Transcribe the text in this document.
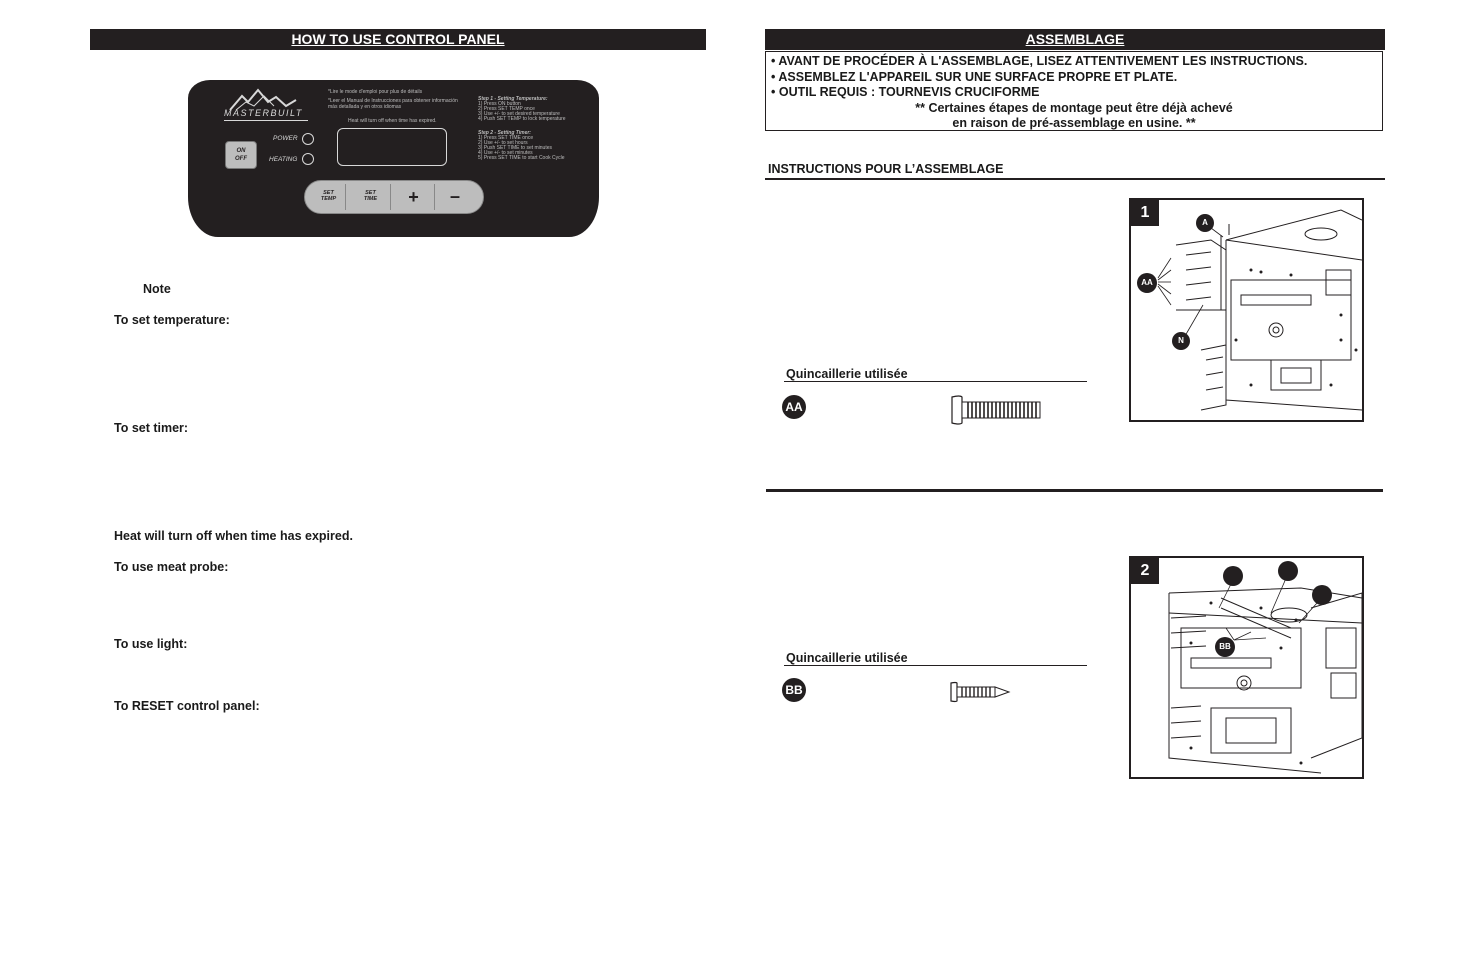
HOW TO USE CONTROL PANEL
MASTERBUILT
*Lire le mode d'emploi pour plus de détails
*Leer el Manual de Instrucciones para obtener información más detallada y en otros idiomas
Heat will turn off when time has expired.
Step 1 - Setting Temperature:
1) Press ON button
2) Press SET TEMP once
3) Use +/- to set desired temperature
4) Push SET TEMP to lock temperature
Step 2 - Setting Timer:
1) Press SET TIME once
2) Use +/- to set hours
3) Push SET TIME to set minutes
4) Use +/- to set minutes
5) Press SET TIME to start Cook Cycle
ON
OFF
POWER
HEATING
SET
TEMP
SET
TIME	+	–
Note
To set temperature:
To set timer:
Heat will turn off when time has expired.
To use meat probe:
To use light:
To RESET control panel:
ASSEMBLAGE
• AVANT DE PROCÉDER À L'ASSEMBLAGE, LISEZ ATTENTIVEMENT LES INSTRUCTIONS.
• ASSEMBLEZ L'APPAREIL SUR UNE SURFACE PROPRE ET PLATE.
• OUTIL REQUIS : TOURNEVIS CRUCIFORME
** Certaines étapes de montage peut être déjà achevé
en raison de pré-assemblage en usine. **
INSTRUCTIONS POUR L’ASSEMBLAGE
Quincaillerie utilisée
AA
1
A
AA
N
Quincaillerie utilisée
BB
2
BB
